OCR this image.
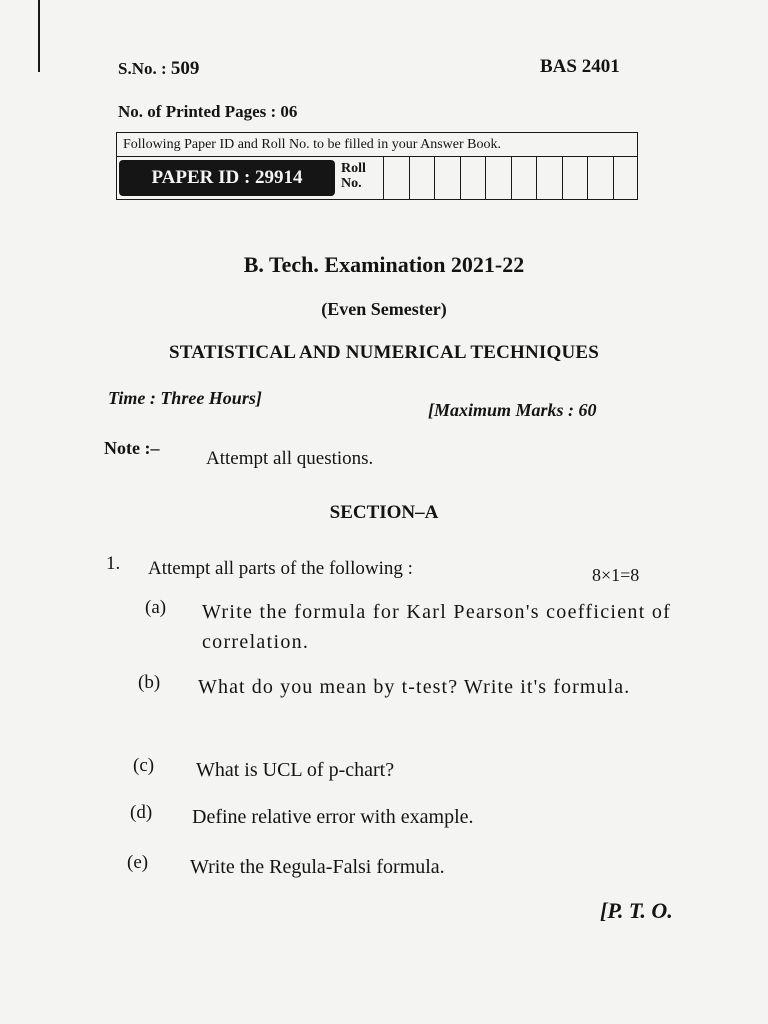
S.No. : 509	BAS 2401
No. of Printed Pages : 06
Following Paper ID and Roll No. to be filled in your Answer Book.
PAPER ID : 29914	Roll
No.
B. Tech. Examination 2021-22
(Even Semester)
STATISTICAL AND NUMERICAL TECHNIQUES
Time : Three Hours]
[Maximum Marks : 60
Note :– Attempt all questions.
SECTION–A
1. Attempt all parts of the following :	8×1=8
(a) Write the formula for Karl Pearson's coefficient of correlation.
(b) What do you mean by t-test? Write it's formula.
(c) What is UCL of p-chart?
(d) Define relative error with example.
(e) Write the Regula-Falsi formula.
[P. T. O.
